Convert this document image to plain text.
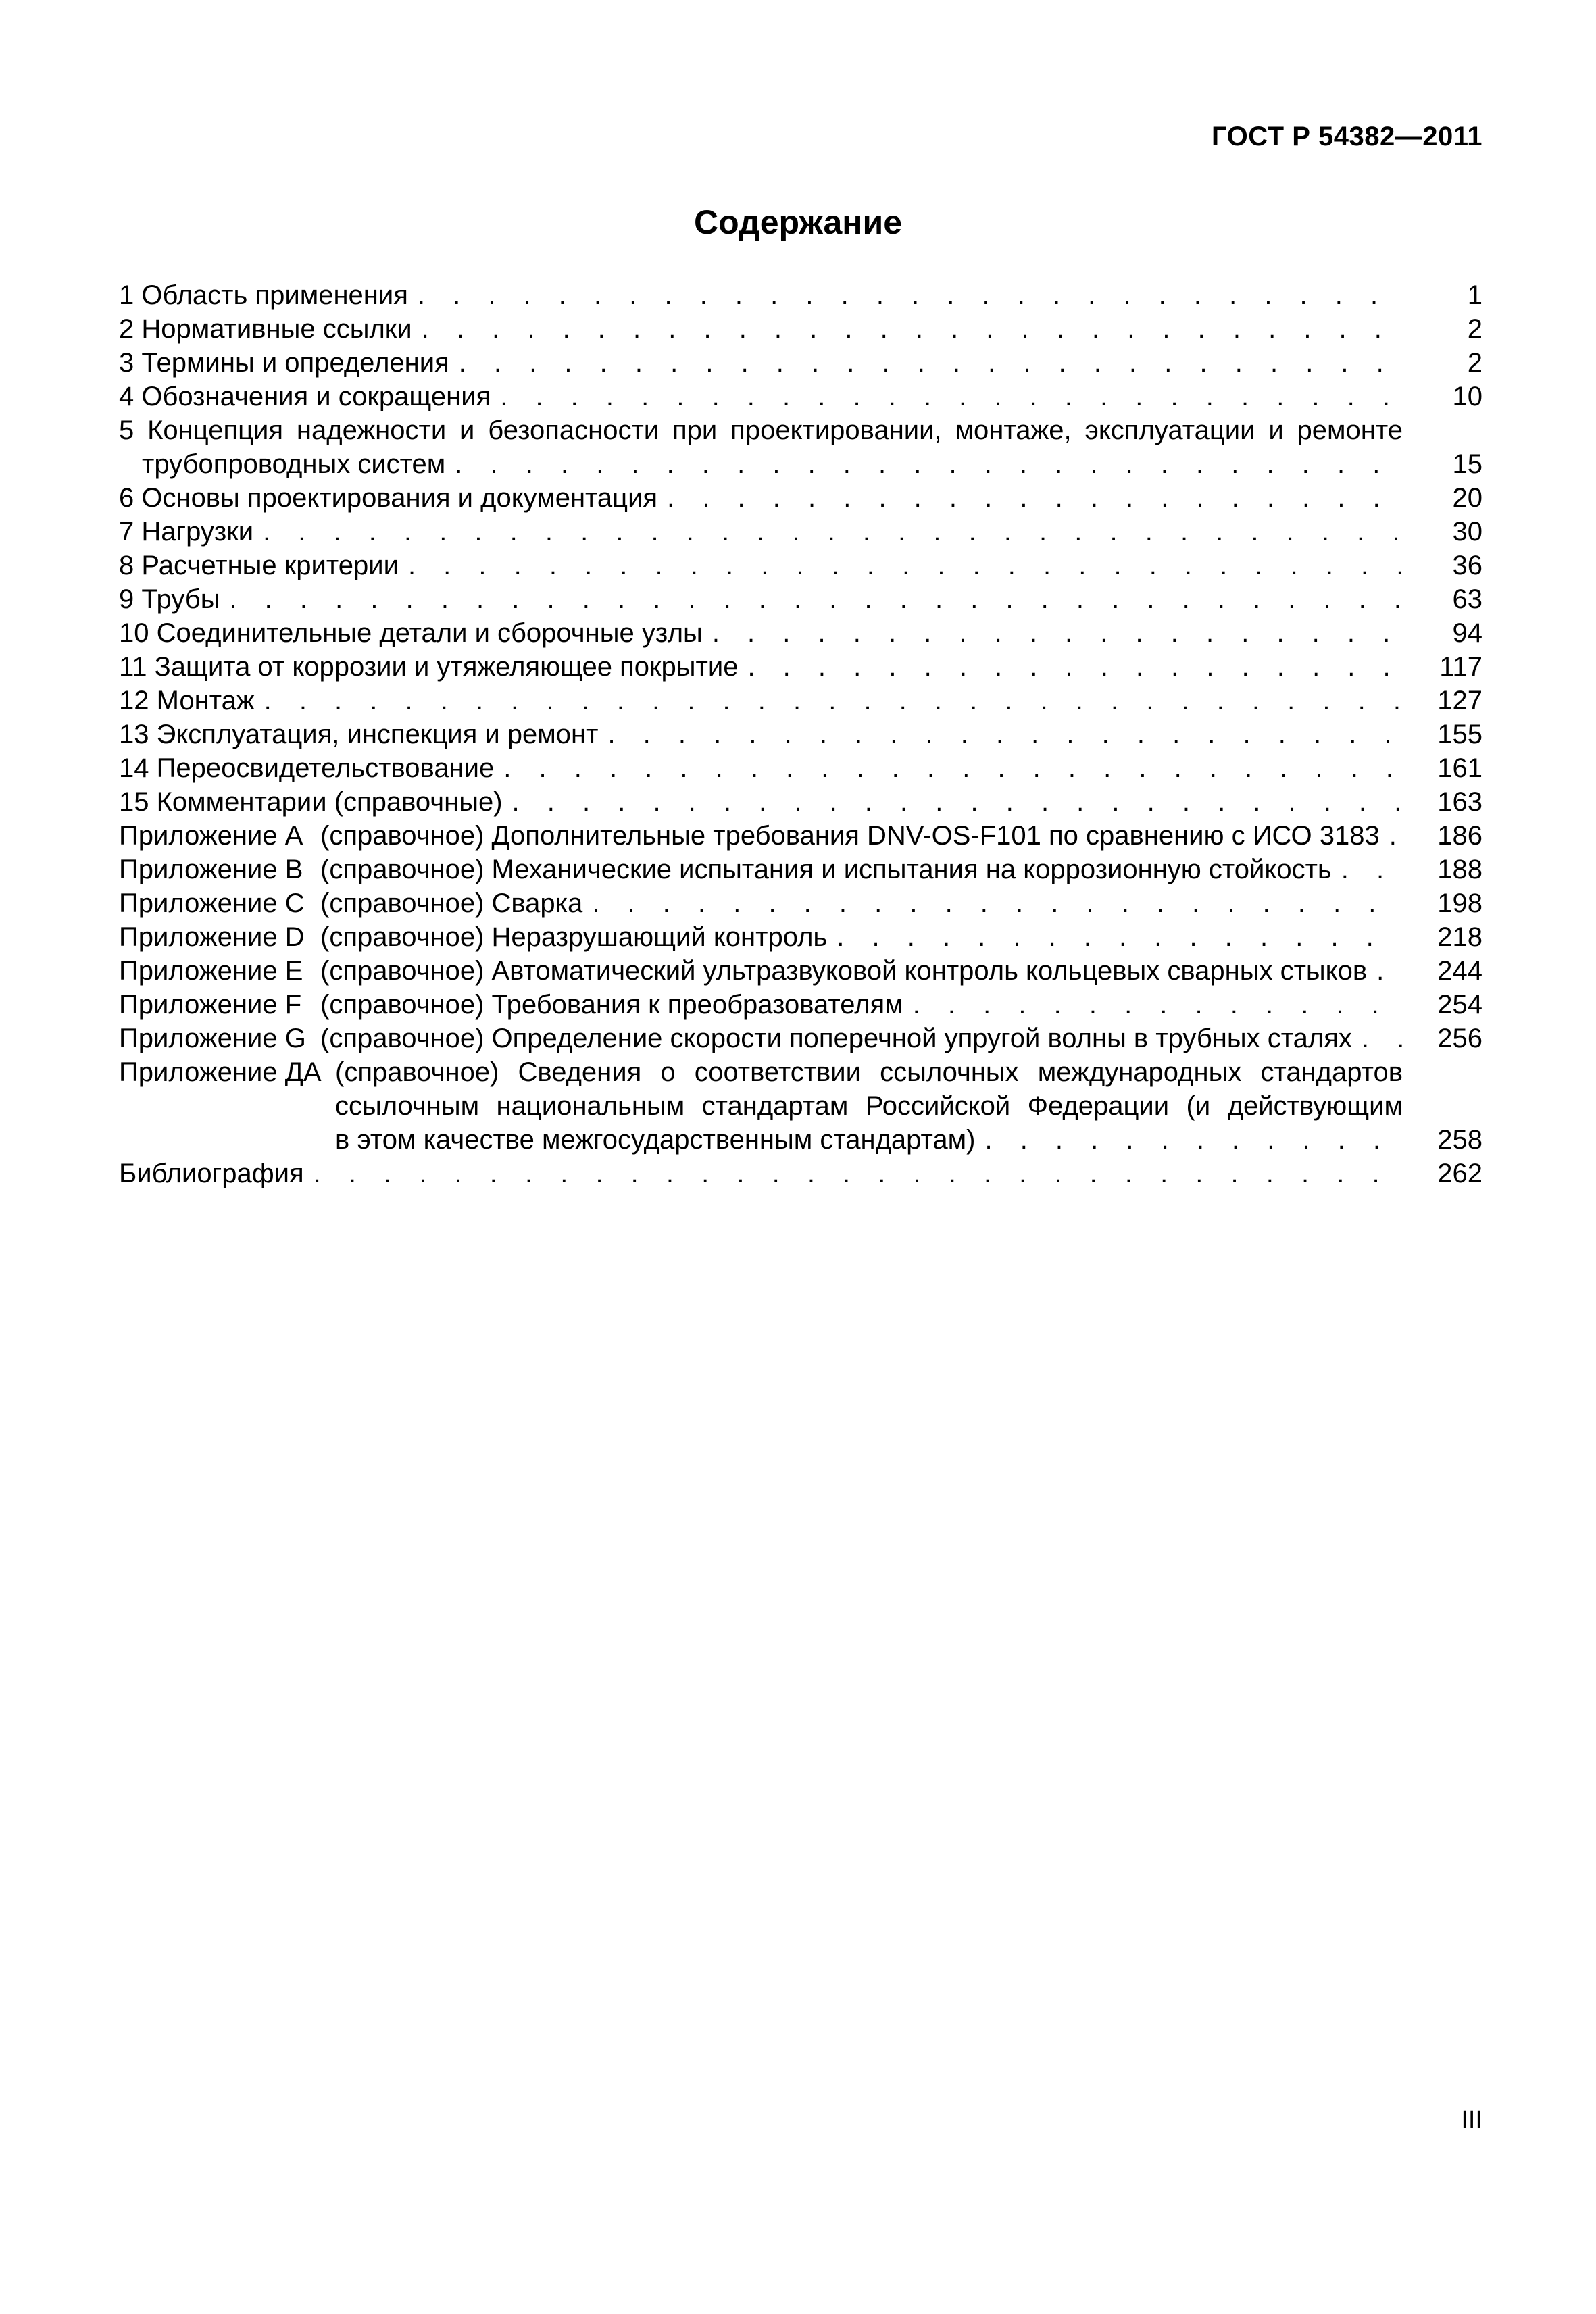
ГОСТ Р 54382—2011
Содержание
1 Область применения . . .	1
2 Нормативные ссылки . . .	2
3 Термины и определения . . .	2
4 Обозначения и сокращения . . .	10
5 Концепция надежности и безопасности при проектировании, монтаже, эксплуатации и ремонте
трубопроводных систем . . .	15
6 Основы проектирования и документация . . .	20
7 Нагрузки . . .	30
8 Расчетные критерии . . .	36
9 Трубы . . .	63
10 Соединительные детали и сборочные узлы . . .	94
11 Защита от коррозии и утяжеляющее покрытие . . .	117
12 Монтаж . . .	127
13 Эксплуатация, инспекция и ремонт . . .	155
14 Переосвидетельствование . . .	161
15 Комментарии (справочные) . . .	163
Приложение А (справочное) Дополнительные требования DNV-OS-F101 по сравнению с ИСО 3183 . . .	186
Приложение В (справочное) Механические испытания и испытания на коррозионную стойкость . . .	188
Приложение С (справочное) Сварка . . .	198
Приложение D (справочное) Неразрушающий контроль . . .	218
Приложение Е (справочное) Автоматический ультразвуковой контроль кольцевых сварных стыков . . .	244
Приложение F (справочное) Требования к преобразователям . . .	254
Приложение G (справочное) Определение скорости поперечной упругой волны в трубных сталях . . .	256
Приложение ДА (справочное) Сведения о соответствии ссылочных международных стандартов
ссылочным национальным стандартам Российской Федерации (и действующим
в этом качестве межгосударственным стандартам) . . .	258
Библиография . . .	262
III
